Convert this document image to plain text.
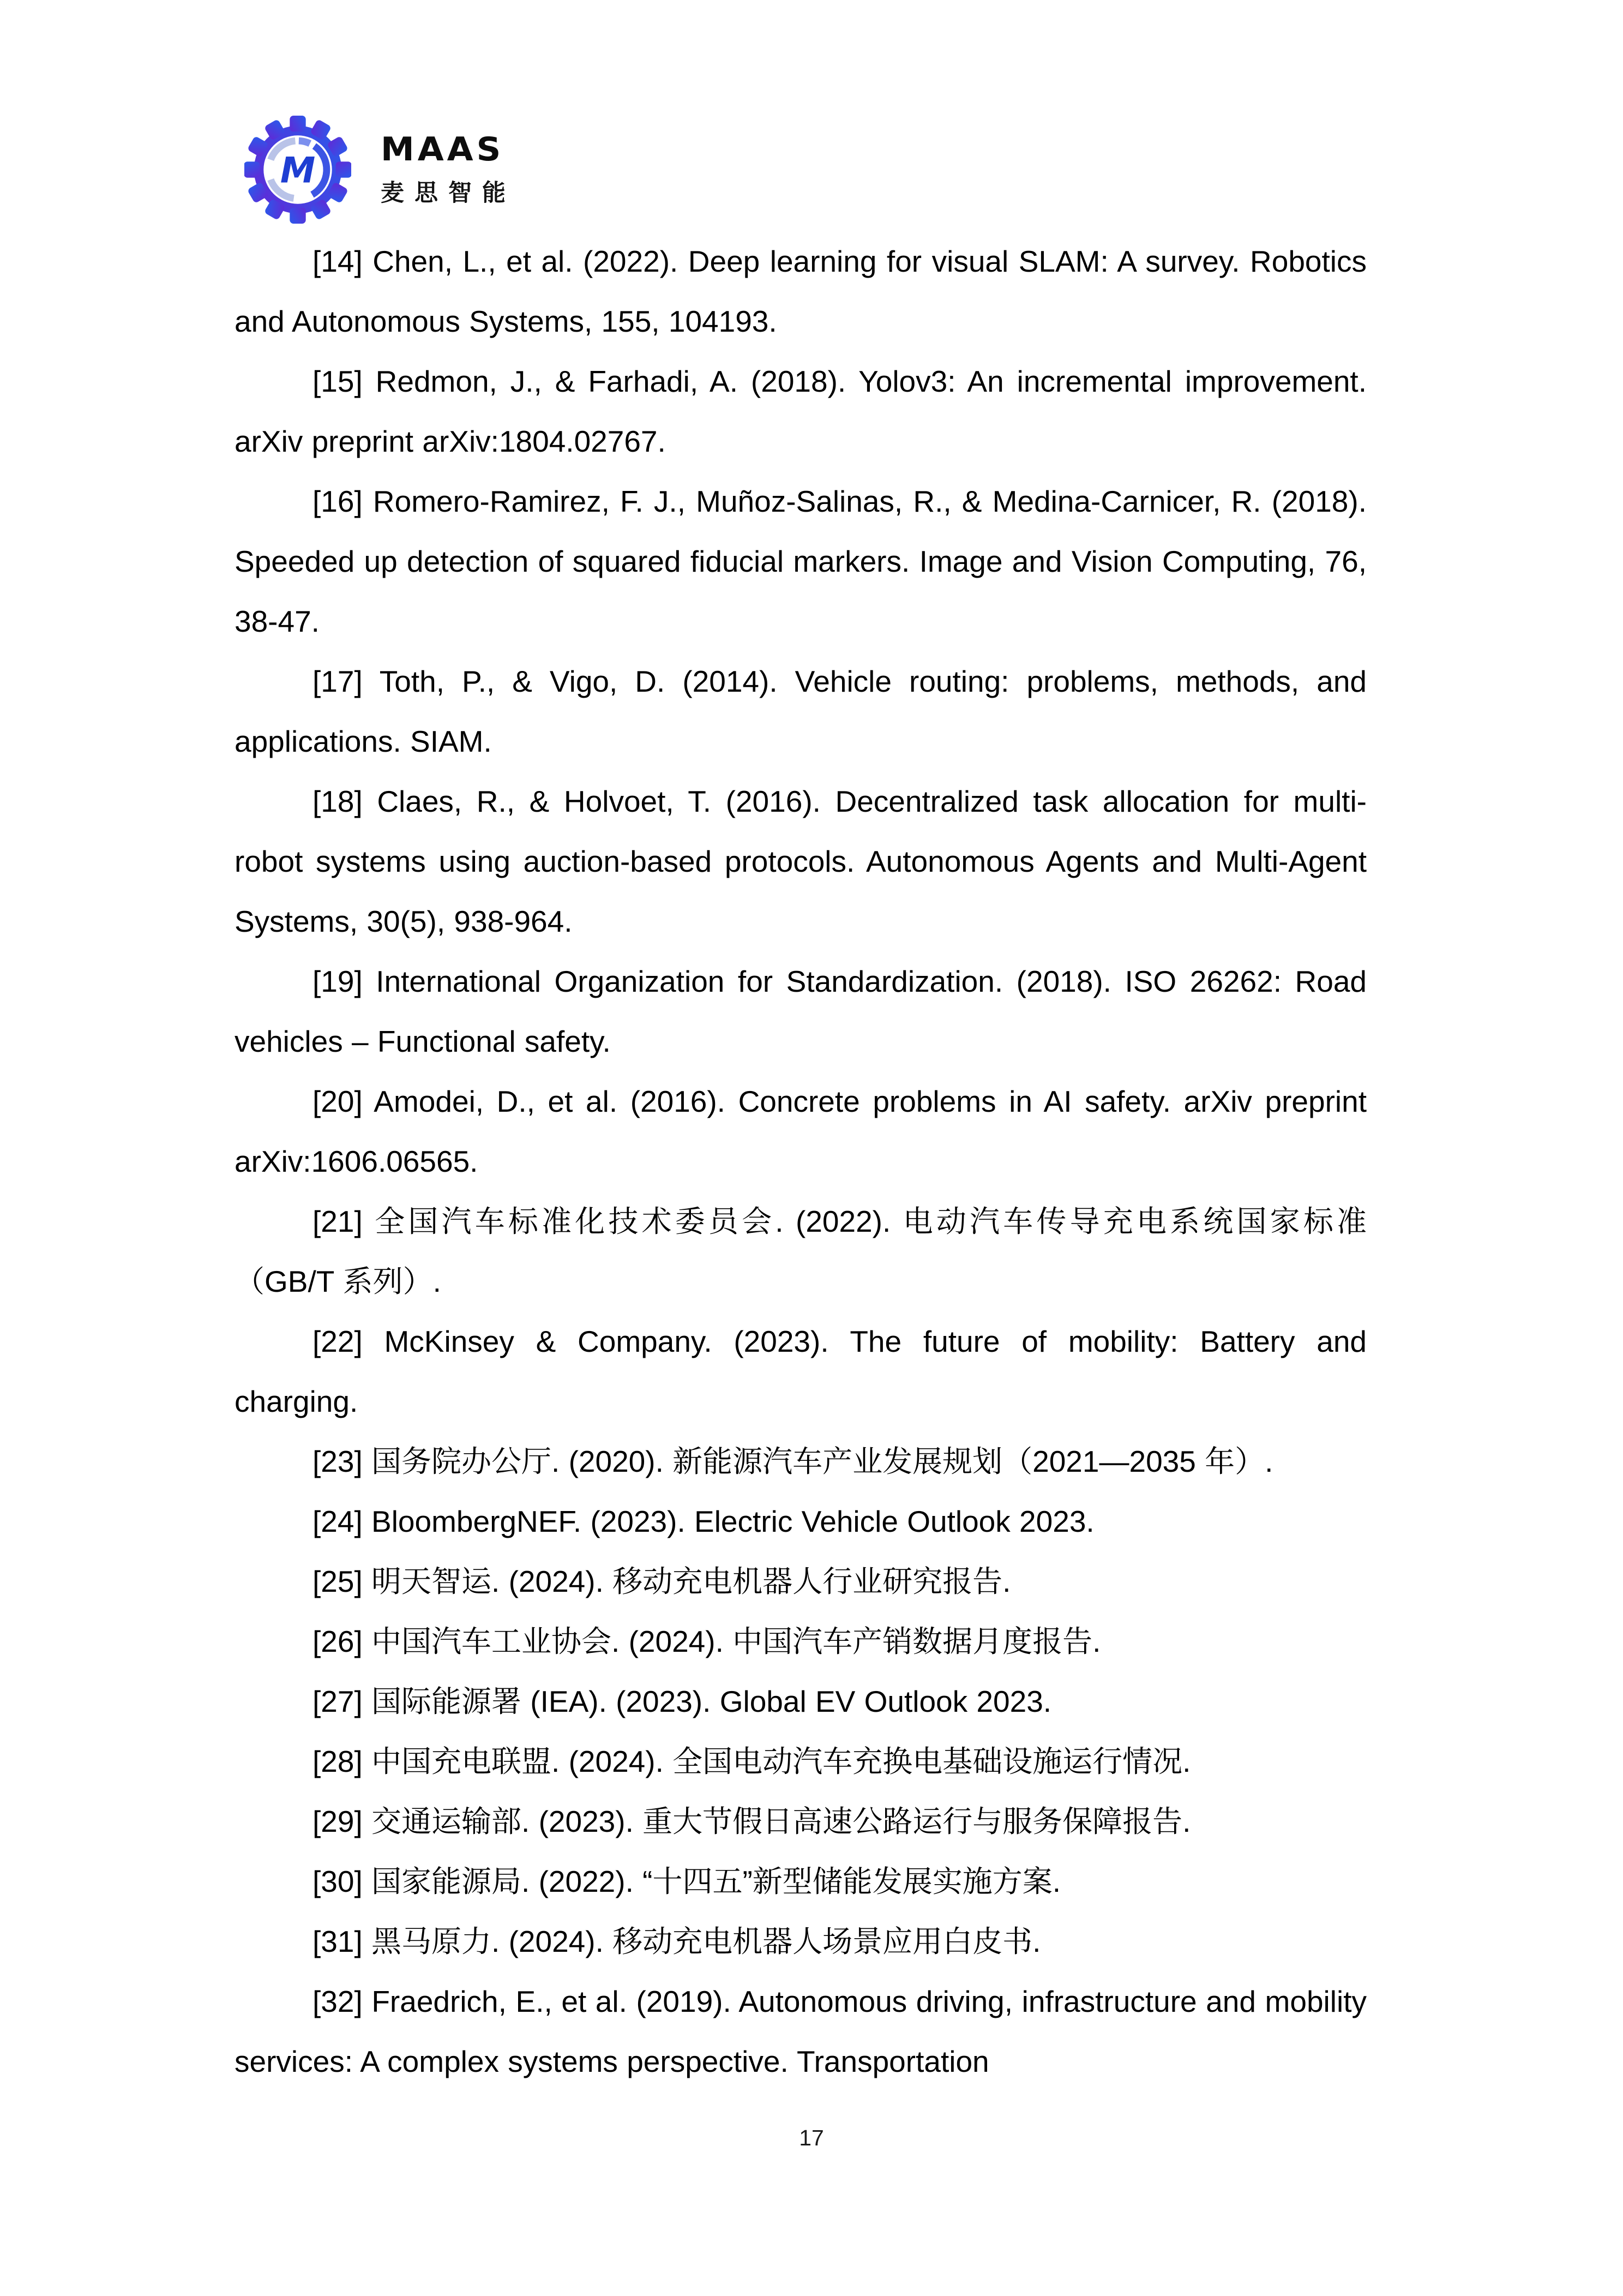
M
MAAS
麦思智能

[14] Chen, L., et al. (2022). Deep learning for visual SLAM: A survey. Robotics and Autonomous Systems, 155, 104193.

[15] Redmon, J., & Farhadi, A. (2018). Yolov3: An incremental improvement. arXiv preprint arXiv:1804.02767.

[16] Romero-Ramirez, F. J., Muñoz-Salinas, R., & Medina-Carnicer, R. (2018). Speeded up detection of squared fiducial markers. Image and Vision Computing, 76, 38-47.

[17] Toth, P., & Vigo, D. (2014). Vehicle routing: problems, methods, and applications. SIAM.

[18] Claes, R., & Holvoet, T. (2016). Decentralized task allocation for multi-robot systems using auction-based protocols. Autonomous Agents and Multi-Agent Systems, 30(5), 938-964.

[19] International Organization for Standardization. (2018). ISO 26262: Road vehicles – Functional safety.

[20] Amodei, D., et al. (2016). Concrete problems in AI safety. arXiv preprint arXiv:1606.06565.

[21] 全国汽车标准化技术委员会. (2022). 电动汽车传导充电系统国家标准（GB/T 系列）.

[22] McKinsey & Company. (2023). The future of mobility: Battery and charging.

[23] 国务院办公厅. (2020). 新能源汽车产业发展规划（2021—2035 年）.

[24] BloombergNEF. (2023). Electric Vehicle Outlook 2023.

[25] 明天智运. (2024). 移动充电机器人行业研究报告.

[26] 中国汽车工业协会. (2024). 中国汽车产销数据月度报告.

[27] 国际能源署 (IEA). (2023). Global EV Outlook 2023.

[28] 中国充电联盟. (2024). 全国电动汽车充换电基础设施运行情况.

[29] 交通运输部. (2023). 重大节假日高速公路运行与服务保障报告.

[30] 国家能源局. (2022). “十四五”新型储能发展实施方案.

[31] 黑马原力. (2024). 移动充电机器人场景应用白皮书.

[32] Fraedrich, E., et al. (2019). Autonomous driving, infrastructure and mobility services: A complex systems perspective. Transportation

17
